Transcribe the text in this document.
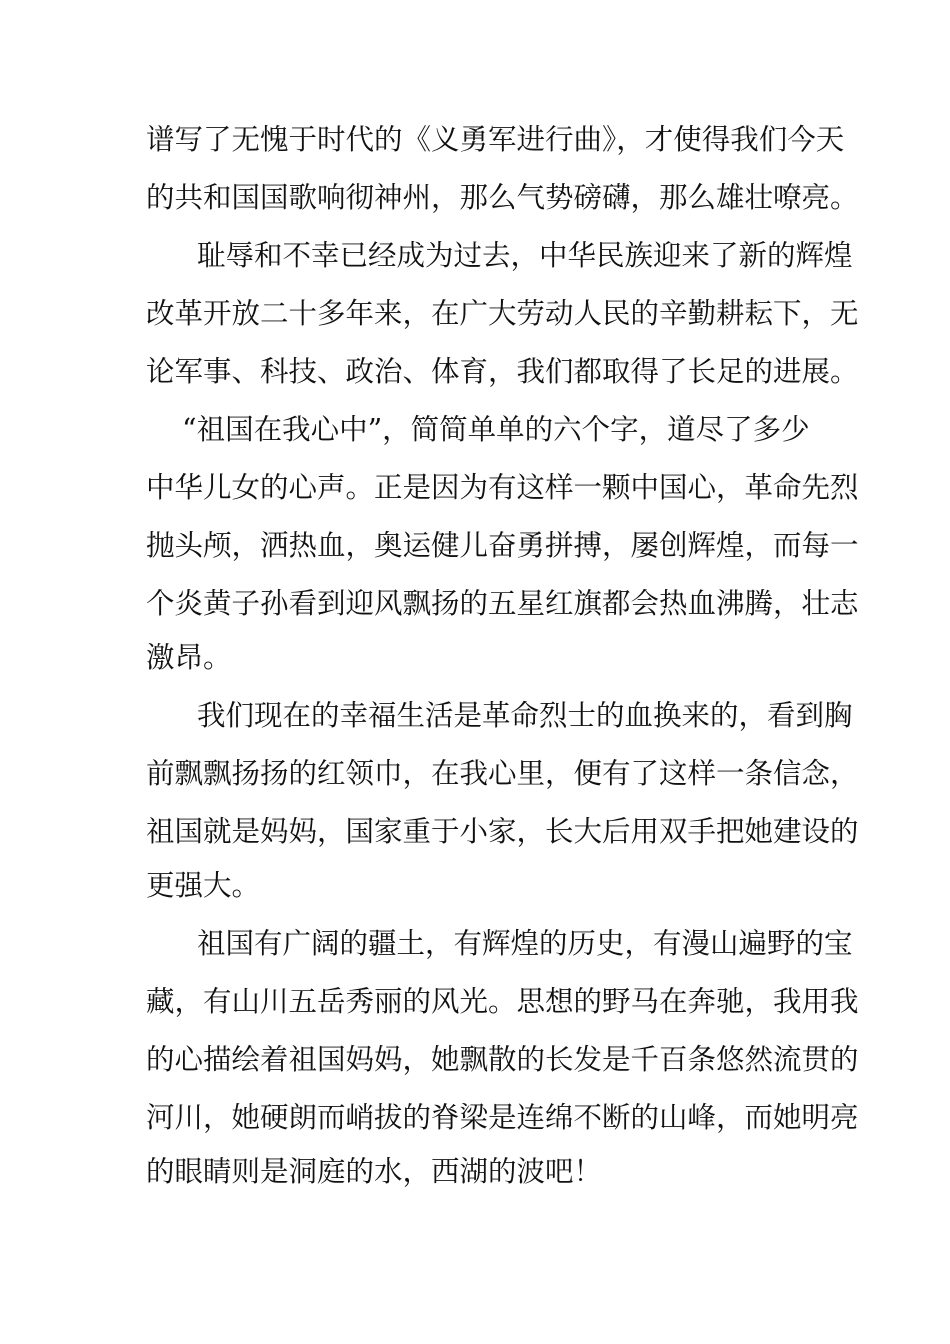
谱写了无愧于时代的《义勇军进行曲》，才使得我们今天
的共和国国歌响彻神州，那么气势磅礴，那么雄壮嘹亮。
耻辱和不幸已经成为过去，中华民族迎来了新的辉煌
改革开放二十多年来，在广大劳动人民的辛勤耕耘下，无
论军事、科技、政治、体育，我们都取得了长足的进展。
“祖国在我心中”，简简单单的六个字，道尽了多少
中华儿女的心声。正是因为有这样一颗中国心，革命先烈
抛头颅，洒热血，奥运健儿奋勇拼搏，屡创辉煌，而每一
个炎黄子孙看到迎风飘扬的五星红旗都会热血沸腾，壮志
激昂。
我们现在的幸福生活是革命烈士的血换来的，看到胸
前飘飘扬扬的红领巾，在我心里，便有了这样一条信念，
祖国就是妈妈，国家重于小家，长大后用双手把她建设的
更强大。
祖国有广阔的疆土，有辉煌的历史，有漫山遍野的宝
藏，有山川五岳秀丽的风光。思想的野马在奔驰，我用我
的心描绘着祖国妈妈，她飘散的长发是千百条悠然流贯的
河川，她硬朗而峭拔的脊梁是连绵不断的山峰，而她明亮
的眼睛则是洞庭的水，西湖的波吧！
